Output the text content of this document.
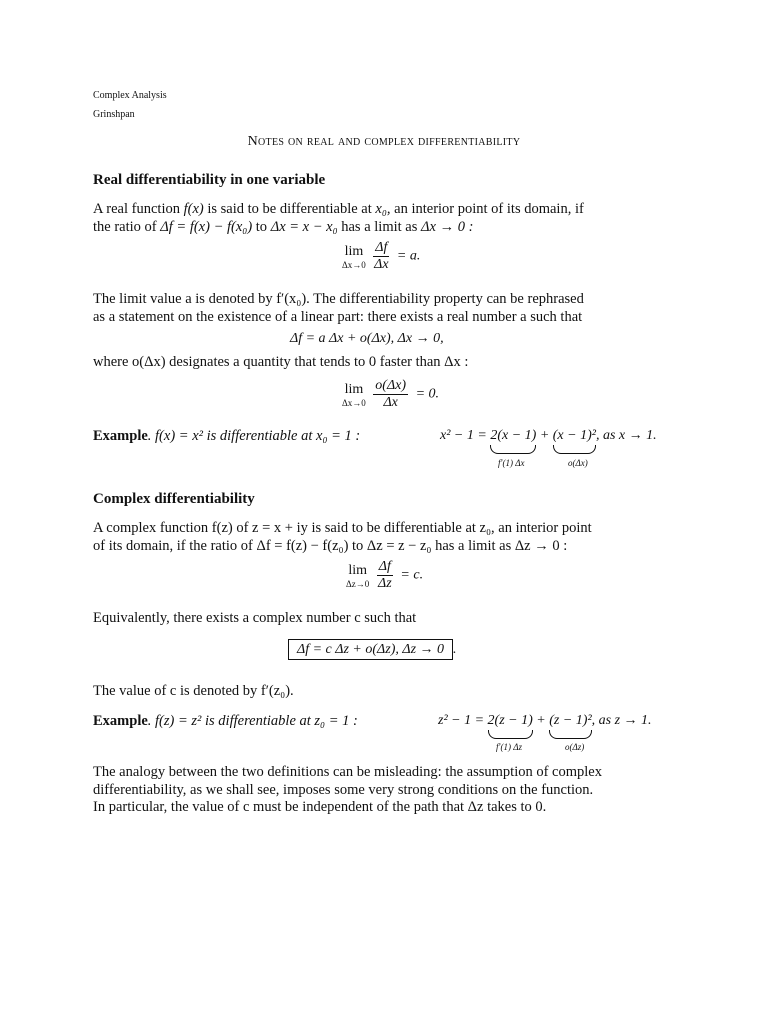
Complex Analysis
Grinshpan
Notes on real and complex differentiability
Real differentiability in one variable
A real function f(x) is said to be differentiable at x₀, an interior point of its domain, if
the ratio of Δf = f(x) − f(x₀) to Δx = x − x₀ has a limit as Δx → 0 :
lim
Δx→0
$\frac{\Delta f}{\Delta x} = a$.
The limit value a is denoted by f′(x₀). The differentiability property can be rephrased
as a statement on the existence of a linear part: there exists a real number a such that
Δf = a Δx + o(Δx), Δx → 0,
where o(Δx) designates a quantity that tends to 0 faster than Δx :
lim
Δx→0
$\frac{o(\Delta x)}{\Delta x} = 0$.
Example. f(x) = x² is differentiable at x₀ = 1 :	x² − 1 = 2(x − 1) + (x − 1)²
, as x → 1.
f′(1) Δx	o(Δx)
Complex differentiability
A complex function f(z) of z = x + iy is said to be differentiable at z₀, an interior point
of its domain, if the ratio of Δf = f(z) − f(z₀) to Δz = z − z₀ has a limit as Δz → 0 :
lim
Δz→0
$\frac{\Delta f}{\Delta z} = c$.
Equivalently, there exists a complex number c such that
Δf = c Δz + o(Δz), Δz → 0 .
The value of c is denoted by f′(z₀).
Example. f(z) = z² is differentiable at z₀ = 1 :	z² − 1 = 2(z − 1) + (z − 1)²
, as z → 1.
f′(1) Δz	o(Δz)
The analogy between the two definitions can be misleading: the assumption of complex
differentiability, as we shall see, imposes some very strong conditions on the function.
In particular, the value of c must be independent of the path that Δz takes to 0.
